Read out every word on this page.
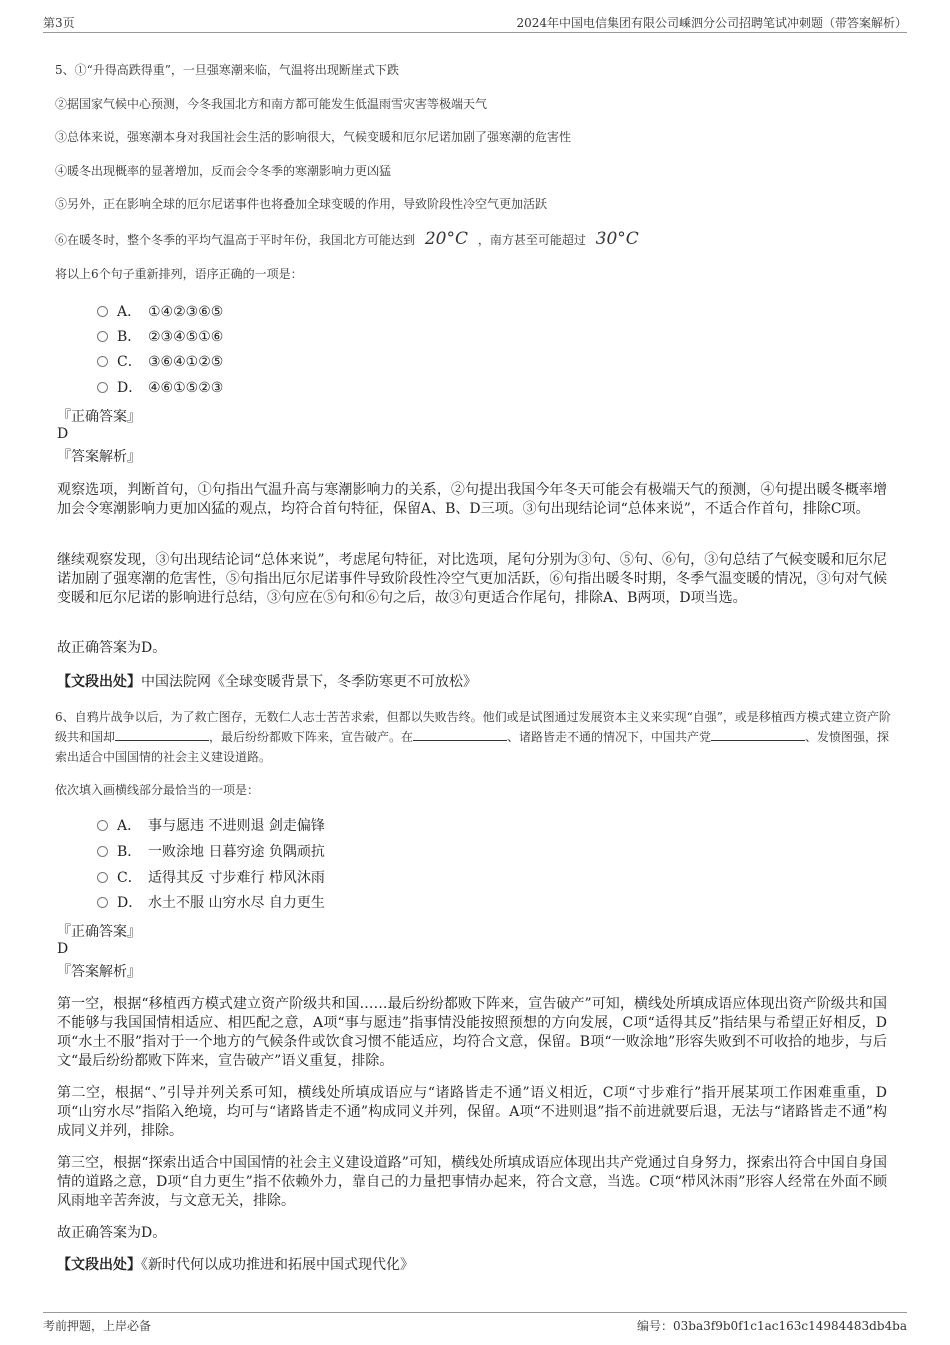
第3页	2024年中国电信集团有限公司嵊泗分公司招聘笔试冲刺题（带答案解析）
5、①“升得高跌得重”，一旦强寒潮来临，气温将出现断崖式下跌
②据国家气候中心预测，今冬我国北方和南方都可能发生低温雨雪灾害等极端天气
③总体来说，强寒潮本身对我国社会生活的影响很大，气候变暖和厄尔尼诺加剧了强寒潮的危害性
④暖冬出现概率的显著增加，反而会令冬季的寒潮影响力更凶猛
⑤另外，正在影响全球的厄尔尼诺事件也将叠加全球变暖的作用，导致阶段性冷空气更加活跃
⑥在暖冬时，整个冬季的平均气温高于平时年份，我国北方可能达到 20°C ，南方甚至可能超过 30°C
将以上6个句子重新排列，语序正确的一项是：
A． ①④②③⑥⑤
B． ②③④⑤①⑥
C． ③⑥④①②⑤
D． ④⑥①⑤②③
『正确答案』
D
『答案解析』
观察选项，判断首句，①句指出气温升高与寒潮影响力的关系，②句提出我国今年冬天可能会有极端天气的预测，④句提出暖冬概率增加会令寒潮影响力更加凶猛的观点，均符合首句特征，保留A、B、D三项。③句出现结论词“总体来说”，不适合作首句，排除C项。
继续观察发现，③句出现结论词“总体来说”，考虑尾句特征，对比选项，尾句分别为③句、⑤句、⑥句，③句总结了气候变暖和厄尔尼诺加剧了强寒潮的危害性，⑤句指出厄尔尼诺事件导致阶段性冷空气更加活跃，⑥句指出暖冬时期，冬季气温变暖的情况，③句对气候变暖和厄尔尼诺的影响进行总结，③句应在⑤句和⑥句之后，故③句更适合作尾句，排除A、B两项，D项当选。
故正确答案为D。
【文段出处】中国法院网《全球变暖背景下，冬季防寒更不可放松》
6、自鸦片战争以后，为了救亡图存，无数仁人志士苦苦求索，但都以失败告终。他们或是试图通过发展资本主义来实现“自强”，或是移植西方模式建立资产阶级共和国却	，最后纷纷都败下阵来，宣告破产。在	、诸路皆走不通的情况下，中国共产党	、发愤图强，探索出适合中国国情的社会主义建设道路。
依次填入画横线部分最恰当的一项是：
A． 事与愿违 不进则退 剑走偏锋
B． 一败涂地 日暮穷途 负隅顽抗
C． 适得其反 寸步难行 栉风沐雨
D． 水土不服 山穷水尽 自力更生
『正确答案』
D
『答案解析』
第一空，根据“移植西方模式建立资产阶级共和国……最后纷纷都败下阵来，宣告破产”可知，横线处所填成语应体现出资产阶级共和国不能够与我国国情相适应、相匹配之意，A项“事与愿违”指事情没能按照预想的方向发展，C项“适得其反”指结果与希望正好相反，D项“水土不服”指对于一个地方的气候条件或饮食习惯不能适应，均符合文意，保留。B项“一败涂地”形容失败到不可收拾的地步，与后文“最后纷纷都败下阵来，宣告破产”语义重复，排除。
第二空，根据“、”引导并列关系可知，横线处所填成语应与“诸路皆走不通”语义相近，C项“寸步难行”指开展某项工作困难重重，D项“山穷水尽”指陷入绝境，均可与“诸路皆走不通”构成同义并列，保留。A项“不进则退”指不前进就要后退，无法与“诸路皆走不通”构成同义并列，排除。
第三空，根据“探索出适合中国国情的社会主义建设道路”可知，横线处所填成语应体现出共产党通过自身努力，探索出符合中国自身国情的道路之意，D项“自力更生”指不依赖外力，靠自己的力量把事情办起来，符合文意，当选。C项“栉风沐雨”形容人经常在外面不顾风雨地辛苦奔波，与文意无关，排除。
故正确答案为D。
【文段出处】《新时代何以成功推进和拓展中国式现代化》
考前押题，上岸必备	编号：03ba3f9b0f1c1ac163c14984483db4ba
